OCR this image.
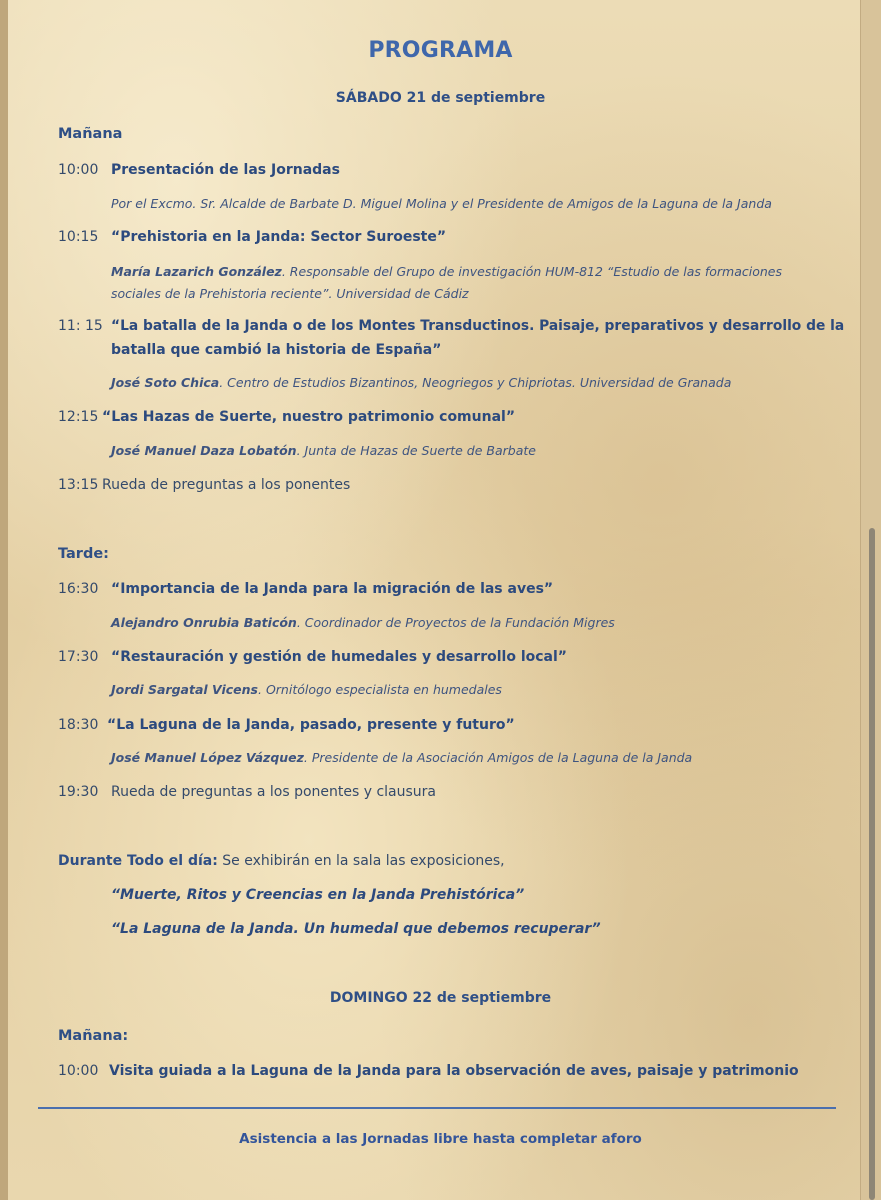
PROGRAMA
SÁBADO 21 de septiembre
Mañana
10:00 Presentación de las Jornadas
Por el Excmo. Sr. Alcalde de Barbate D. Miguel Molina y el Presidente de Amigos de la Laguna de la Janda
10:15 “Prehistoria en la Janda: Sector Suroeste”
María Lazarich González. Responsable del Grupo de investigación HUM-812 “Estudio de las formaciones
sociales de la Prehistoria reciente”. Universidad de Cádiz
11: 15 “La batalla de la Janda o de los Montes Transductinos. Paisaje, preparativos y desarrollo de la
batalla que cambió la historia de España”
José Soto Chica. Centro de Estudios Bizantinos, Neogriegos y Chipriotas. Universidad de Granada
12:15 “Las Hazas de Suerte, nuestro patrimonio comunal”
José Manuel Daza Lobatón. Junta de Hazas de Suerte de Barbate
13:15 Rueda de preguntas a los ponentes
Tarde:
16:30 “Importancia de la Janda para la migración de las aves”
Alejandro Onrubia Baticón. Coordinador de Proyectos de la Fundación Migres
17:30 “Restauración y gestión de humedales y desarrollo local”
Jordi Sargatal Vicens. Ornitólogo especialista en humedales
18:30 “La Laguna de la Janda, pasado, presente y futuro”
José Manuel López Vázquez. Presidente de la Asociación Amigos de la Laguna de la Janda
19:30 Rueda de preguntas a los ponentes y clausura
Durante Todo el día: Se exhibirán en la sala las exposiciones,
“Muerte, Ritos y Creencias en la Janda Prehistórica”
“La Laguna de la Janda. Un humedal que debemos recuperar”
DOMINGO 22 de septiembre
Mañana:
10:00 Visita guiada a la Laguna de la Janda para la observación de aves, paisaje y patrimonio
Asistencia a las Jornadas libre hasta completar aforo
